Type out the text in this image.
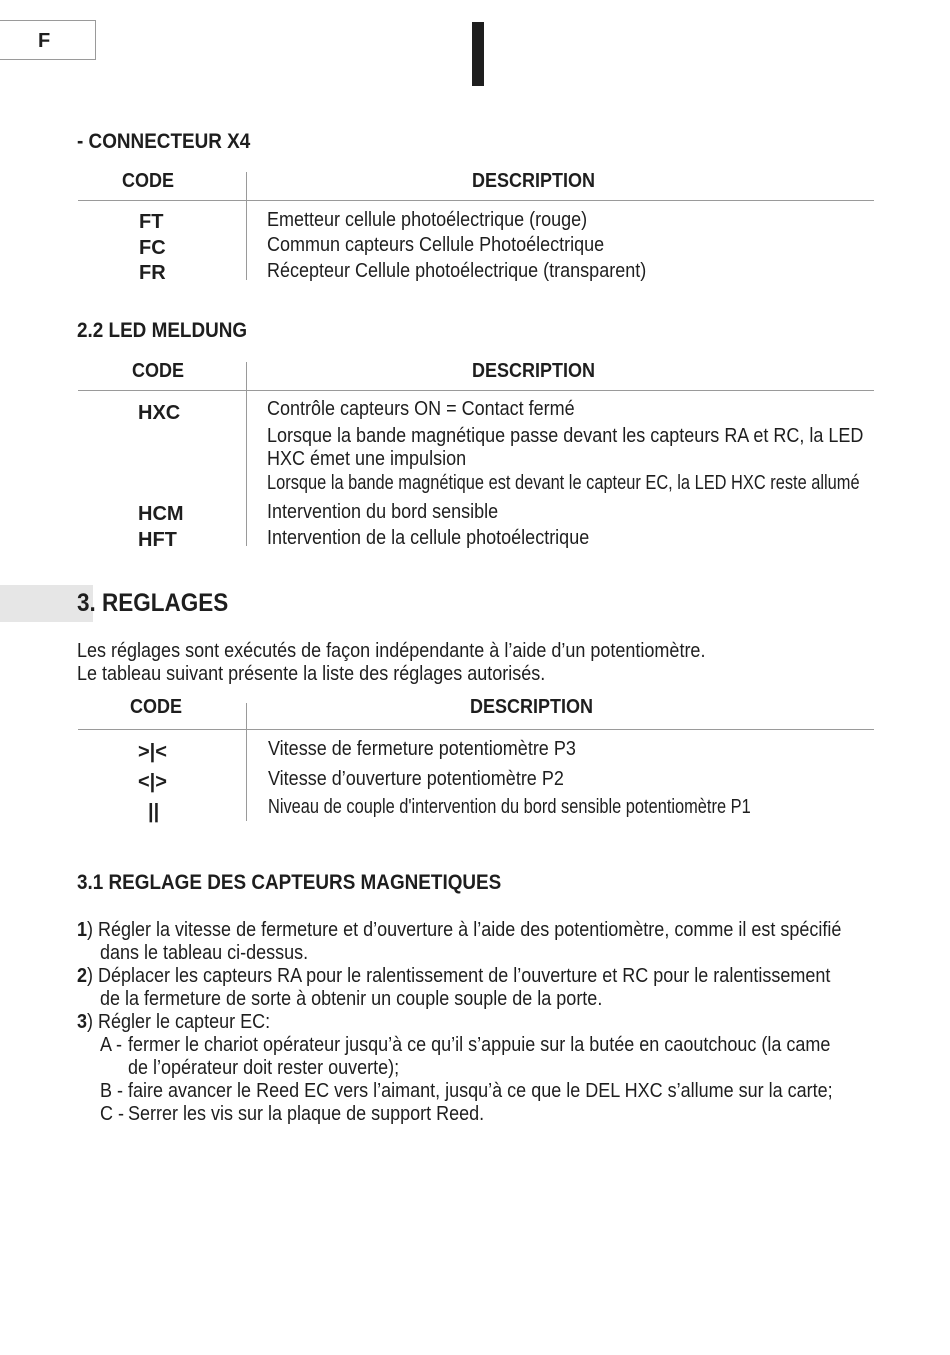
F
- CONNECTEUR X4
CODE	DESCRIPTION
FT	Emetteur cellule photoélectrique (rouge)
FC	Commun capteurs Cellule Photoélectrique
FR	Récepteur Cellule photoélectrique (transparent)
2.2 LED MELDUNG
CODE	DESCRIPTION
HXC	Contrôle capteurs ON = Contact fermé
Lorsque la bande magnétique passe devant les capteurs RA et RC, la LED
HXC émet une impulsion
Lorsque la bande magnétique est devant le capteur EC, la LED HXC reste allumé
HCM	Intervention du bord sensible
HFT	Intervention de la cellule photoélectrique
3. REGLAGES
Les réglages sont exécutés de façon indépendante à l’aide d’un potentiomètre.
Le tableau suivant présente la liste des réglages autorisés.
CODE	DESCRIPTION
>|<	Vitesse de fermeture potentiomètre P3
<|>	Vitesse d’ouverture potentiomètre P2
||	Niveau de couple d'intervention du bord sensible potentiomètre P1
3.1 REGLAGE DES CAPTEURS MAGNETIQUES
1) Régler la vitesse de fermeture et d’ouverture à l’aide des potentiomètre, comme il est spécifié
dans le tableau ci-dessus.
2) Déplacer les capteurs RA pour le ralentissement de l’ouverture et RC pour le ralentissement
de la fermeture de sorte à obtenir un couple souple de la porte.
3) Régler le capteur EC:
A - fermer le chariot opérateur jusqu’à ce qu’il s’appuie sur la butée en caoutchouc (la came
de l’opérateur doit rester ouverte);
B - faire avancer le Reed EC vers l’aimant, jusqu’à ce que le DEL HXC s’allume sur la carte;
C - Serrer les vis sur la plaque de support Reed.
